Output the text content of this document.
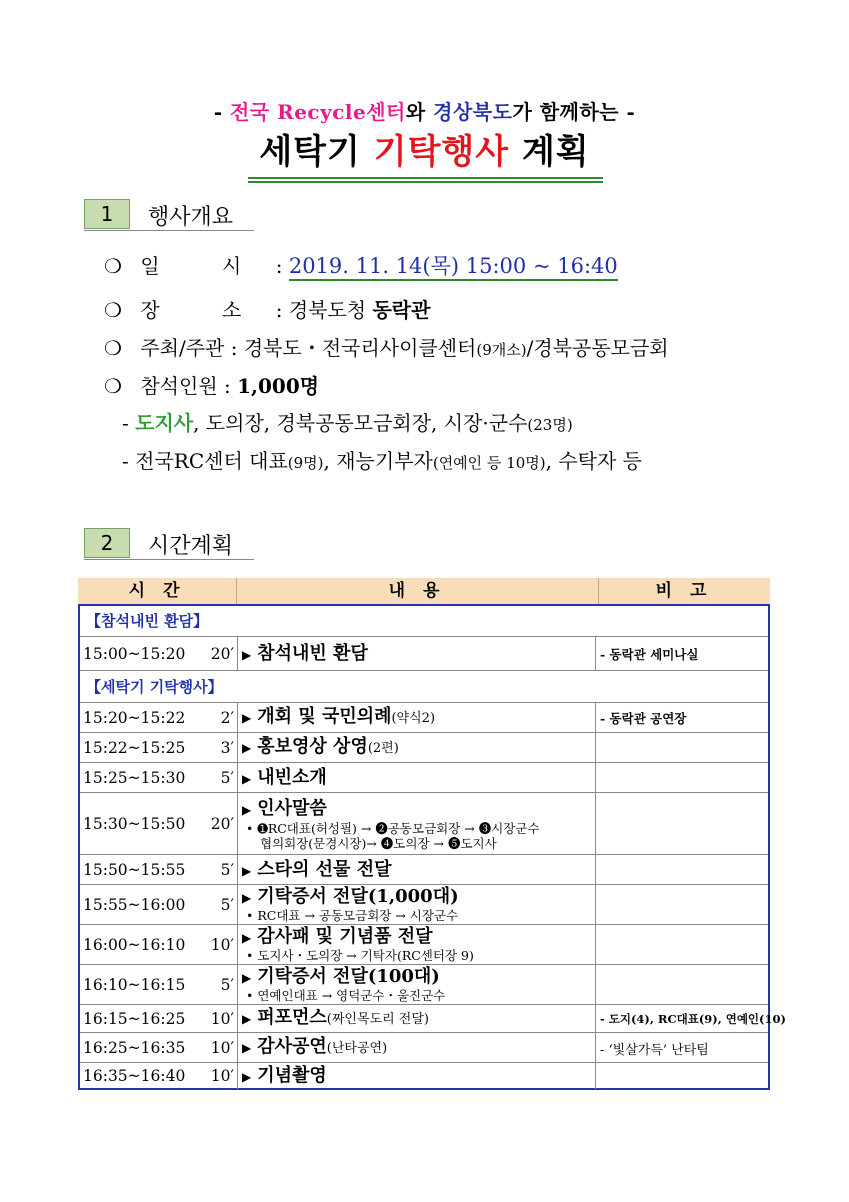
- 전국 Recycle센터와 경상북도가 함께하는 -
세탁기 기탁행사 계획
1	행사개요
❍ 일 시 : 2019. 11. 14(목) 15:00 ~ 16:40
❍ 장 소 : 경북도청 동락관
❍ 주최/주관 : 경북도・전국리사이클센터(9개소)/경북공동모금회
❍ 참석인원 : 1,000명
- 도지사, 도의장, 경북공동모금회장, 시장·군수(23명)
- 전국RC센터 대표(9명), 재능기부자(연예인 등 10명), 수탁자 등
2	시간계획
시 간	내 용	비 고
【참석내빈 환담】
15:00~15:20	20′ ▶ 참석내빈 환담	- 동락관 세미나실
【세탁기 기탁행사】
15:20~15:22	2′ ▶ 개회 및 국민의례(약식2)	- 동락관 공연장
15:22~15:25	3′ ▶ 홍보영상 상영(2편)
15:25~15:30	5′ ▶ 내빈소개
15:30~15:50	20′
▶ 인사말씀
• ➊RC대표(허성필) → ➋공동모금회장 → ➌시장군수
협의회장(문경시장)→ ➍도의장 → ➎도지사
15:50~15:55	5′ ▶ 스타의 선물 전달
15:55~16:00	5′ ▶ 기탁증서 전달(1,000대)
• RC대표 → 공동모금회장 → 시장군수
16:00~16:10	10′ ▶ 감사패 및 기념품 전달
• 도지사・도의장 → 기탁자(RC센터장 9)
16:10~16:15	5′ ▶ 기탁증서 전달(100대)
• 연예인대표 → 영덕군수・울진군수
16:15~16:25	10′ ▶ 퍼포먼스(짜인목도리 전달)	- 도지(4), RC대표(9), 연예인(10)
16:25~16:35	10′ ▶ 감사공연(난타공연)	- ‘빛살가득’ 난타팀
16:35~16:40	10′ ▶ 기념촬영
